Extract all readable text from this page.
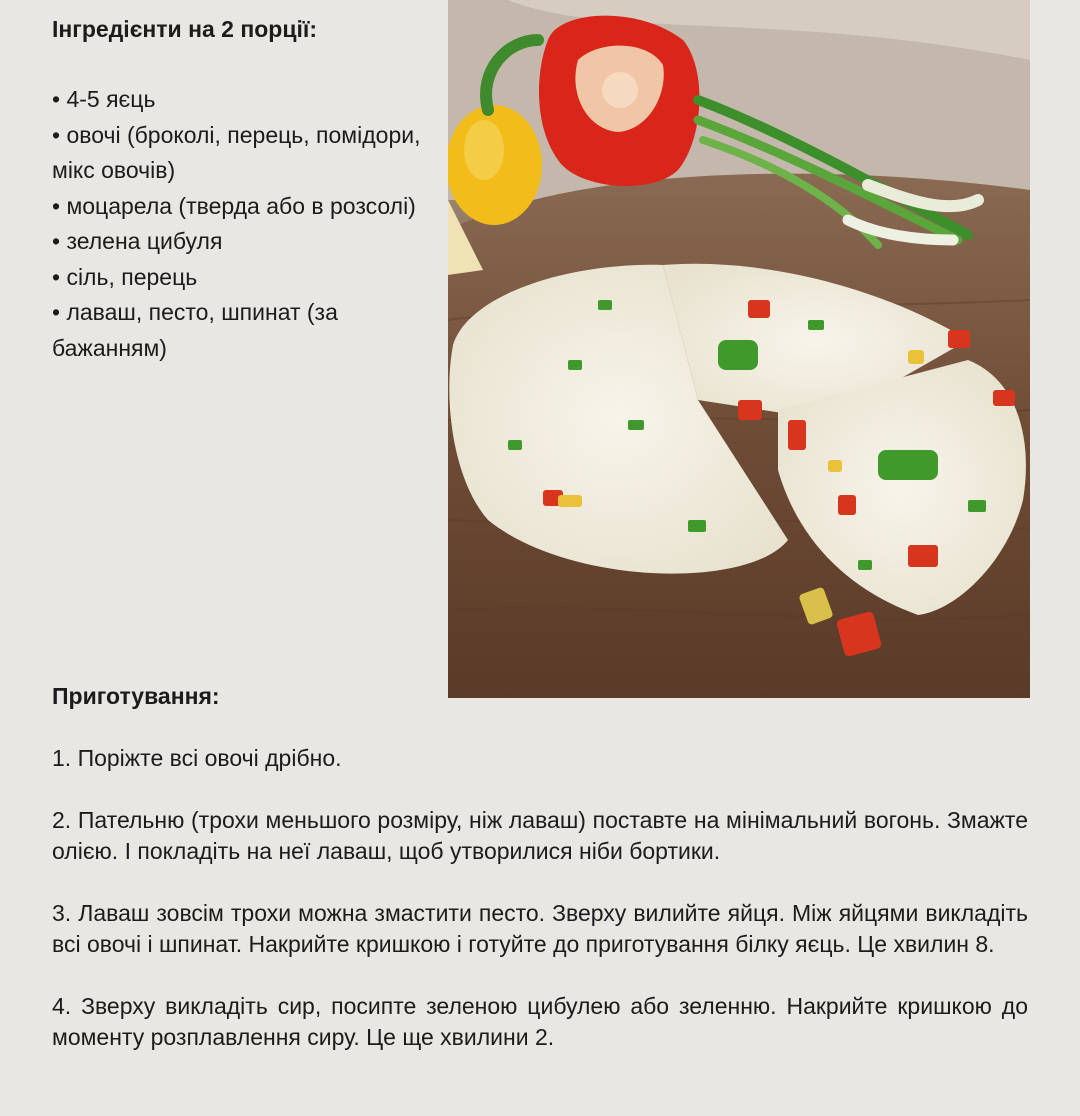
Інгредієнти на 2 порції:
• 4-5 яєць
• овочі (броколі, перець, помідори, мікс овочів)
• моцарела (тверда або в розсолі)
• зелена цибуля
• сіль, перець
• лаваш, песто, шпинат (за бажанням)
Приготування:

1. Поріжте всі овочі дрібно.

2. Пательню (трохи меньшого розміру, ніж лаваш) поставте на мінімальний вогонь. Змажте олією. І покладіть на неї лаваш, щоб утворилися ніби бортики.

3. Лаваш зовсім трохи можна змастити песто. Зверху вилийте яйця. Між яйцями викладіть всі овочі і шпинат. Накрийте кришкою і готуйте до приготування білку яєць. Це хвилин 8.

4. Зверху викладіть сир, посипте зеленою цибулею або зеленню. Накрийте кришкою до моменту розплавлення сиру. Це ще хвилини 2.
